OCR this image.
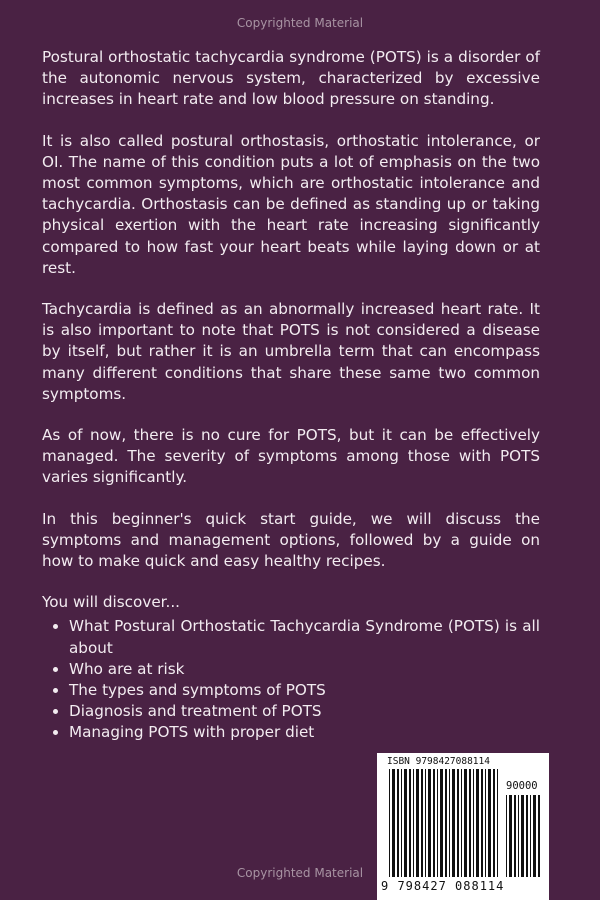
Copyrighted Material

Postural orthostatic tachycardia syndrome (POTS) is a disorder of the autonomic nervous system, characterized by excessive increases in heart rate and low blood pressure on standing.

It is also called postural orthostasis, orthostatic intolerance, or OI. The name of this condition puts a lot of emphasis on the two most common symptoms, which are orthostatic intolerance and tachycardia. Orthostasis can be defined as standing up or taking physical exertion with the heart rate increasing significantly compared to how fast your heart beats while laying down or at rest.

Tachycardia is defined as an abnormally increased heart rate. It is also important to note that POTS is not considered a disease by itself, but rather it is an umbrella term that can encompass many different conditions that share these same two common symptoms.

As of now, there is no cure for POTS, but it can be effectively managed. The severity of symptoms among those with POTS varies significantly.

In this beginner's quick start guide, we will discuss the symptoms and management options, followed by a guide on how to make quick and easy healthy recipes.

You will discover...
• What Postural Orthostatic Tachycardia Syndrome (POTS) is all about
• Who are at risk
• The types and symptoms of POTS
• Diagnosis and treatment of POTS
• Managing POTS with proper diet
ISBN 9798427088114
90000
9 798427 088114
Copyrighted Material
